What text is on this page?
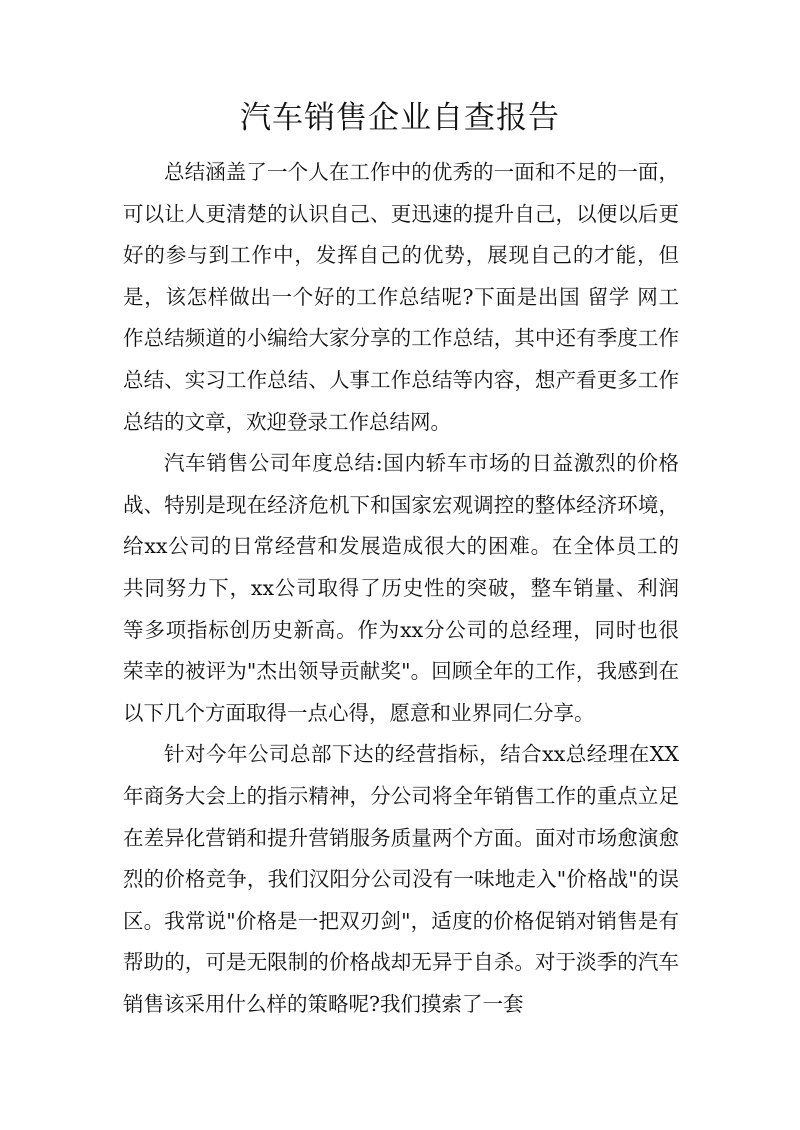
汽车销售企业自查报告

总结涵盖了一个人在工作中的优秀的一面和不足的一面，可以让人更清楚的认识自己、更迅速的提升自己，以便以后更好的参与到工作中，发挥自己的优势，展现自己的才能，但是，该怎样做出一个好的工作总结呢?下面是出国 留学 网工作总结频道的小编给大家分享的工作总结，其中还有季度工作总结、实习工作总结、人事工作总结等内容，想产看更多工作总结的文章，欢迎登录工作总结网。

汽车销售公司年度总结:国内轿车市场的日益激烈的价格战、特别是现在经济危机下和国家宏观调控的整体经济环境，给xx公司的日常经营和发展造成很大的困难。在全体员工的共同努力下，xx公司取得了历史性的突破，整车销量、利润等多项指标创历史新高。作为xx分公司的总经理，同时也很荣幸的被评为"杰出领导贡献奖"。回顾全年的工作，我感到在以下几个方面取得一点心得，愿意和业界同仁分享。

针对今年公司总部下达的经营指标，结合xx总经理在XX年商务大会上的指示精神，分公司将全年销售工作的重点立足在差异化营销和提升营销服务质量两个方面。面对市场愈演愈烈的价格竞争，我们汉阳分公司没有一味地走入"价格战"的误区。我常说"价格是一把双刃剑"，适度的价格促销对销售是有帮助的，可是无限制的价格战却无异于自杀。对于淡季的汽车销售该采用什么样的策略呢?我们摸索了一套
